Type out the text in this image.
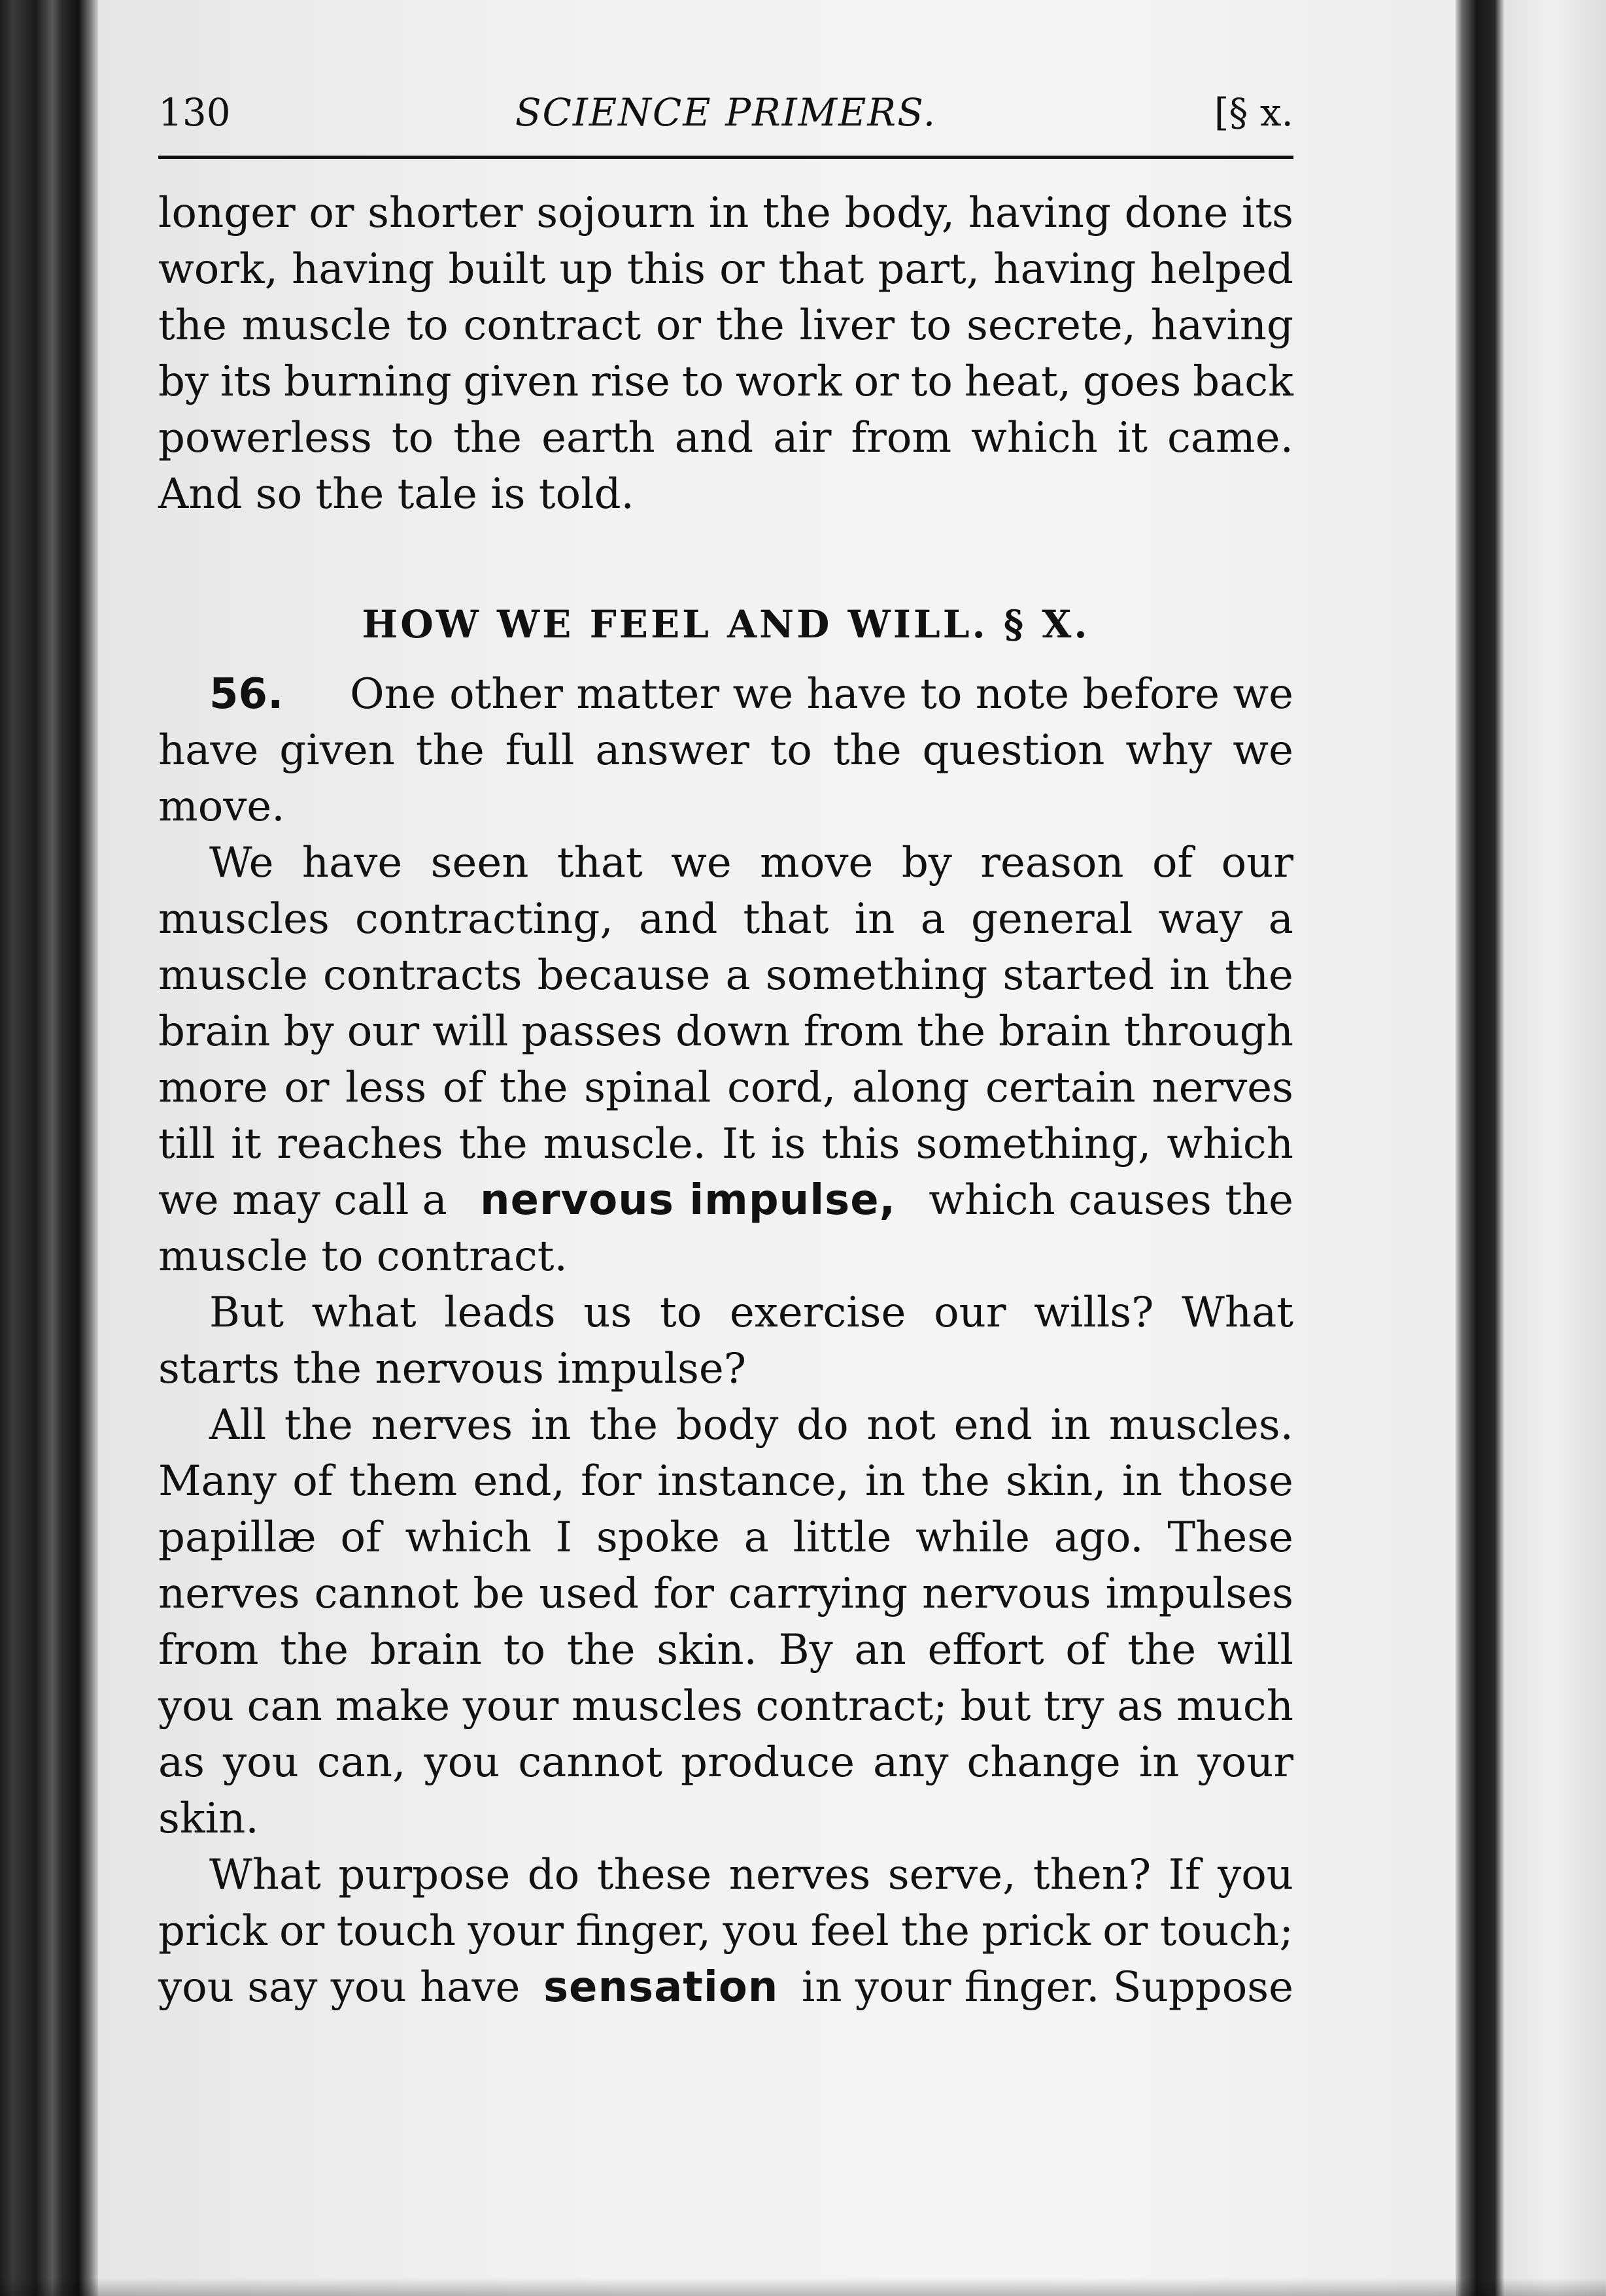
130	SCIENCE PRIMERS.	[§ x.
longer or shorter sojourn in the body, having done its
work, having built up this or that part, having helped
the muscle to contract or the liver to secrete, having
by its burning given rise to work or to heat, goes back
powerless to the earth and air from which it came.
And so the tale is told.
HOW WE FEEL AND WILL. § X.
56. One other matter we have to note before we
have given the full answer to the question why we
move.
We have seen that we move by reason of our
muscles contracting, and that in a general way a
muscle contracts because a something started in the
brain by our will passes down from the brain through
more or less of the spinal cord, along certain nerves
till it reaches the muscle. It is this something, which
we may call a nervous impulse, which causes the
muscle to contract.
But what leads us to exercise our wills? What
starts the nervous impulse?
All the nerves in the body do not end in muscles.
Many of them end, for instance, in the skin, in those
papillæ of which I spoke a little while ago. These
nerves cannot be used for carrying nervous impulses
from the brain to the skin. By an effort of the will
you can make your muscles contract; but try as much
as you can, you cannot produce any change in your
skin.
What purpose do these nerves serve, then? If you
prick or touch your finger, you feel the prick or touch;
you say you have sensation in your finger. Suppose
